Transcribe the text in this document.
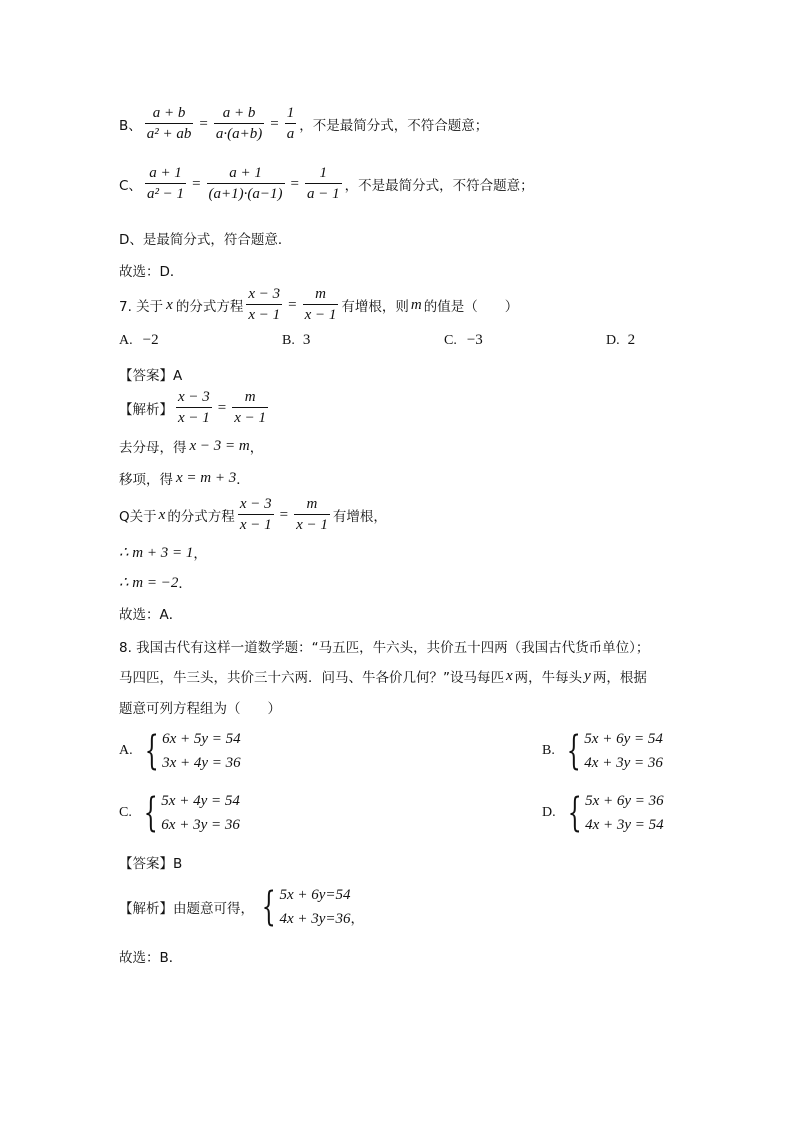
B、 $\frac{a + b}{\text{a² + ab}} = \frac{a + b}{a\cdot(a+b)} = \frac{1}{a}$ ，不是最简分式，不符合题意；
C、 $\frac{a + 1}{\text{a² − 1}} = \frac{a + 1}{(a+1)\cdot(a-1)} = \frac{1}{a - 1}$ ，不是最简分式，不符合题意；
D、是最简分式，符合题意．
故选：D．
7. 关于 x 的分式方程 $\frac{x - 3}{x - 1} = \frac{m}{x - 1}$ 有增根，则 m 的值是（　　）
A. −2	B. 3	C. −3	D. 2
【答案】A
【解析】 $\frac{x - 3}{x - 1} = \frac{m}{x - 1}$
去分母，得 x − 3 = m ，
移项，得 x = m + 3 ．
Q关于 x 的分式方程 $\frac{x - 3}{x - 1} = \frac{m}{x - 1}$ 有增根，
∴ m + 3 = 1 ，
∴ m = −2 ．
故选：A．
8. 我国古代有这样一道数学题：“马五匹，牛六头，共价五十四两（我国古代货币单位）；
马四匹，牛三头，共价三十六两．问马、牛各价几何？”设马每匹 x 两，牛每头 y 两，根据
题意可列方程组为（　　）
A. { 6x + 5y = 54
3x + 4y = 36
B. { 5x + 6y = 54
4x + 3y = 36
C. { 5x + 4y = 54
6x + 3y = 36
D. { 5x + 6y = 36
4x + 3y = 54
【答案】B
【解析】 由题意可得， { 5x + 6y=54
4x + 3y=36 ，
故选：B．
